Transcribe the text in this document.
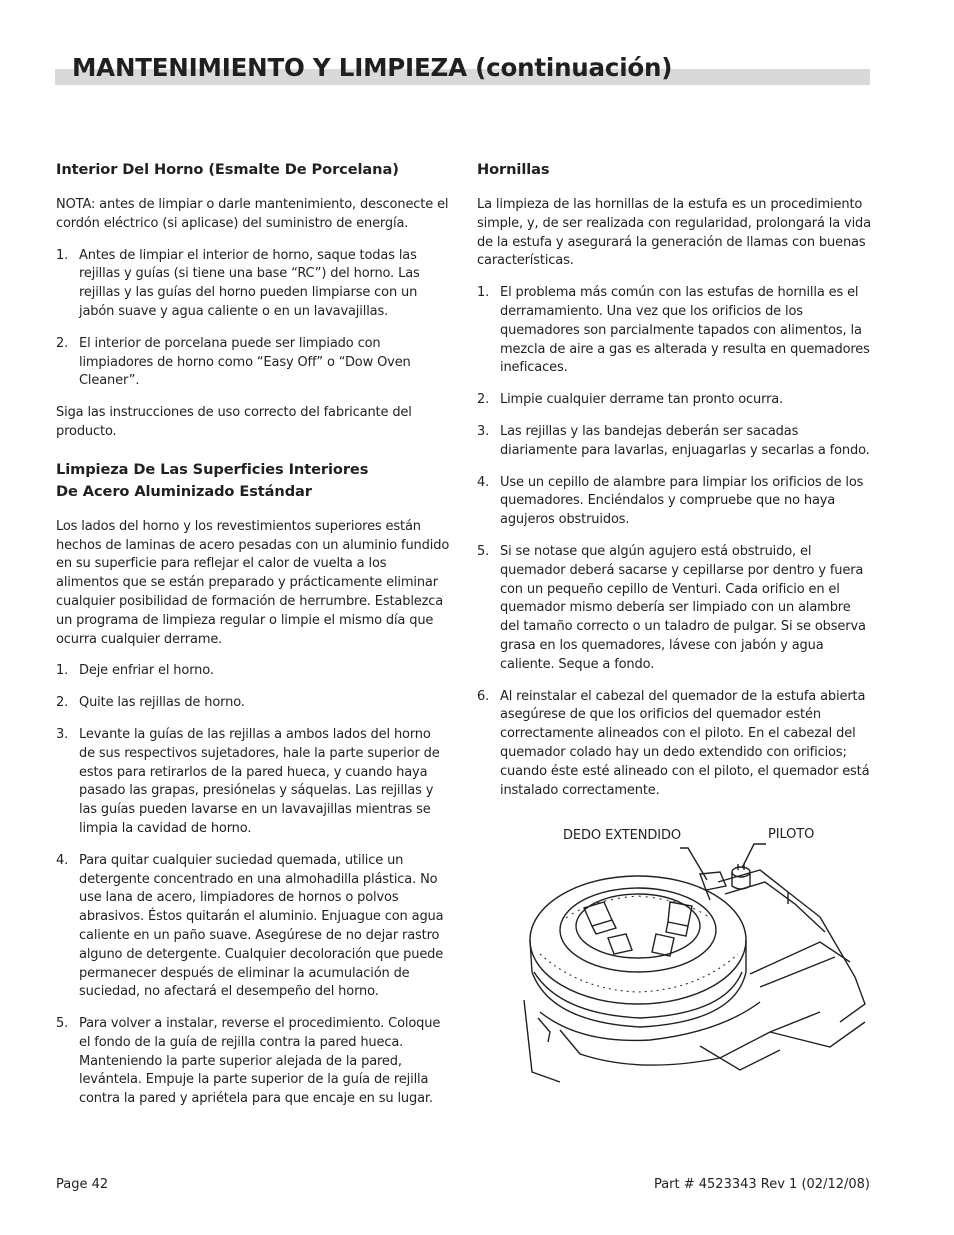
MANTENIMIENTO Y LIMPIEZA (continuación)
Interior Del Horno (Esmalte De Porcelana)

NOTA: antes de limpiar o darle mantenimiento, desconecte el cordón eléctrico (si aplicase) del suministro de energía.

1. Antes de limpiar el interior de horno, saque todas las rejillas y guías (si tiene una base “RC”) del horno. Las rejillas y las guías del horno pueden limpiarse con un jabón suave y agua caliente o en un lavavajillas.
2. El interior de porcelana puede ser limpiado con limpiadores de horno como “Easy Off” o “Dow Oven Cleaner”.

Siga las instrucciones de uso correcto del fabricante del producto.

Limpieza De Las Superficies Interiores
De Acero Aluminizado Estándar

Los lados del horno y los revestimientos superiores están hechos de laminas de acero pesadas con un aluminio fundido en su superficie para reflejar el calor de vuelta a los alimentos que se están preparado y prácticamente eliminar cualquier posibilidad de formación de herrumbre. Establezca un programa de limpieza regular o limpie el mismo día que ocurra cualquier derrame.

1. Deje enfriar el horno.
2. Quite las rejillas de horno.
3. Levante la guías de las rejillas a ambos lados del horno de sus respectivos sujetadores, hale la parte superior de estos para retirarlos de la pared hueca, y cuando haya pasado las grapas, presiónelas y sáquelas. Las rejillas y las guías pueden lavarse en un lavavajillas mientras se limpia la cavidad de horno.
4. Para quitar cualquier suciedad quemada, utilice un detergente concentrado en una almohadilla plástica. No use lana de acero, limpiadores de hornos o polvos abrasivos. Éstos quitarán el aluminio. Enjuague con agua caliente en un paño suave. Asegúrese de no dejar rastro alguno de detergente. Cualquier decoloración que puede permanecer después de eliminar la acumulación de suciedad, no afectará el desempeño del horno.
5. Para volver a instalar, reverse el procedimiento. Coloque el fondo de la guía de rejilla contra la pared hueca. Manteniendo la parte superior alejada de la pared, levántela. Empuje la parte superior de la guía de rejilla contra la pared y apriétela para que encaje en su lugar.
Hornillas

La limpieza de las hornillas de la estufa es un procedimiento simple, y, de ser realizada con regularidad, prolongará la vida de la estufa y asegurará la generación de llamas con buenas características.

1. El problema más común con las estufas de hornilla es el derramamiento. Una vez que los orificios de los quemadores son parcialmente tapados con alimentos, la mezcla de aire a gas es alterada y resulta en quemadores ineficaces.
2. Limpie cualquier derrame tan pronto ocurra.
3. Las rejillas y las bandejas deberán ser sacadas diariamente para lavarlas, enjuagarlas y secarlas a fondo.
4. Use un cepillo de alambre para limpiar los orificios de los quemadores. Enciéndalos y compruebe que no haya agujeros obstruidos.
5. Si se notase que algún agujero está obstruido, el quemador deberá sacarse y cepillarse por dentro y fuera con un pequeño cepillo de Venturi. Cada orificio en el quemador mismo debería ser limpiado con un alambre del tamaño correcto o un taladro de pulgar. Si se observa grasa en los quemadores, lávese con jabón y agua caliente. Seque a fondo.
6. Al reinstalar el cabezal del quemador de la estufa abierta asegúrese de que los orificios del quemador estén correctamente alineados con el piloto. En el cabezal del quemador colado hay un dedo extendido con orificios; cuando éste esté alineado con el piloto, el quemador está instalado correctamente.
DEDO EXTENDIDO	PILOTO
Page 42	Part # 4523343 Rev 1 (02/12/08)
